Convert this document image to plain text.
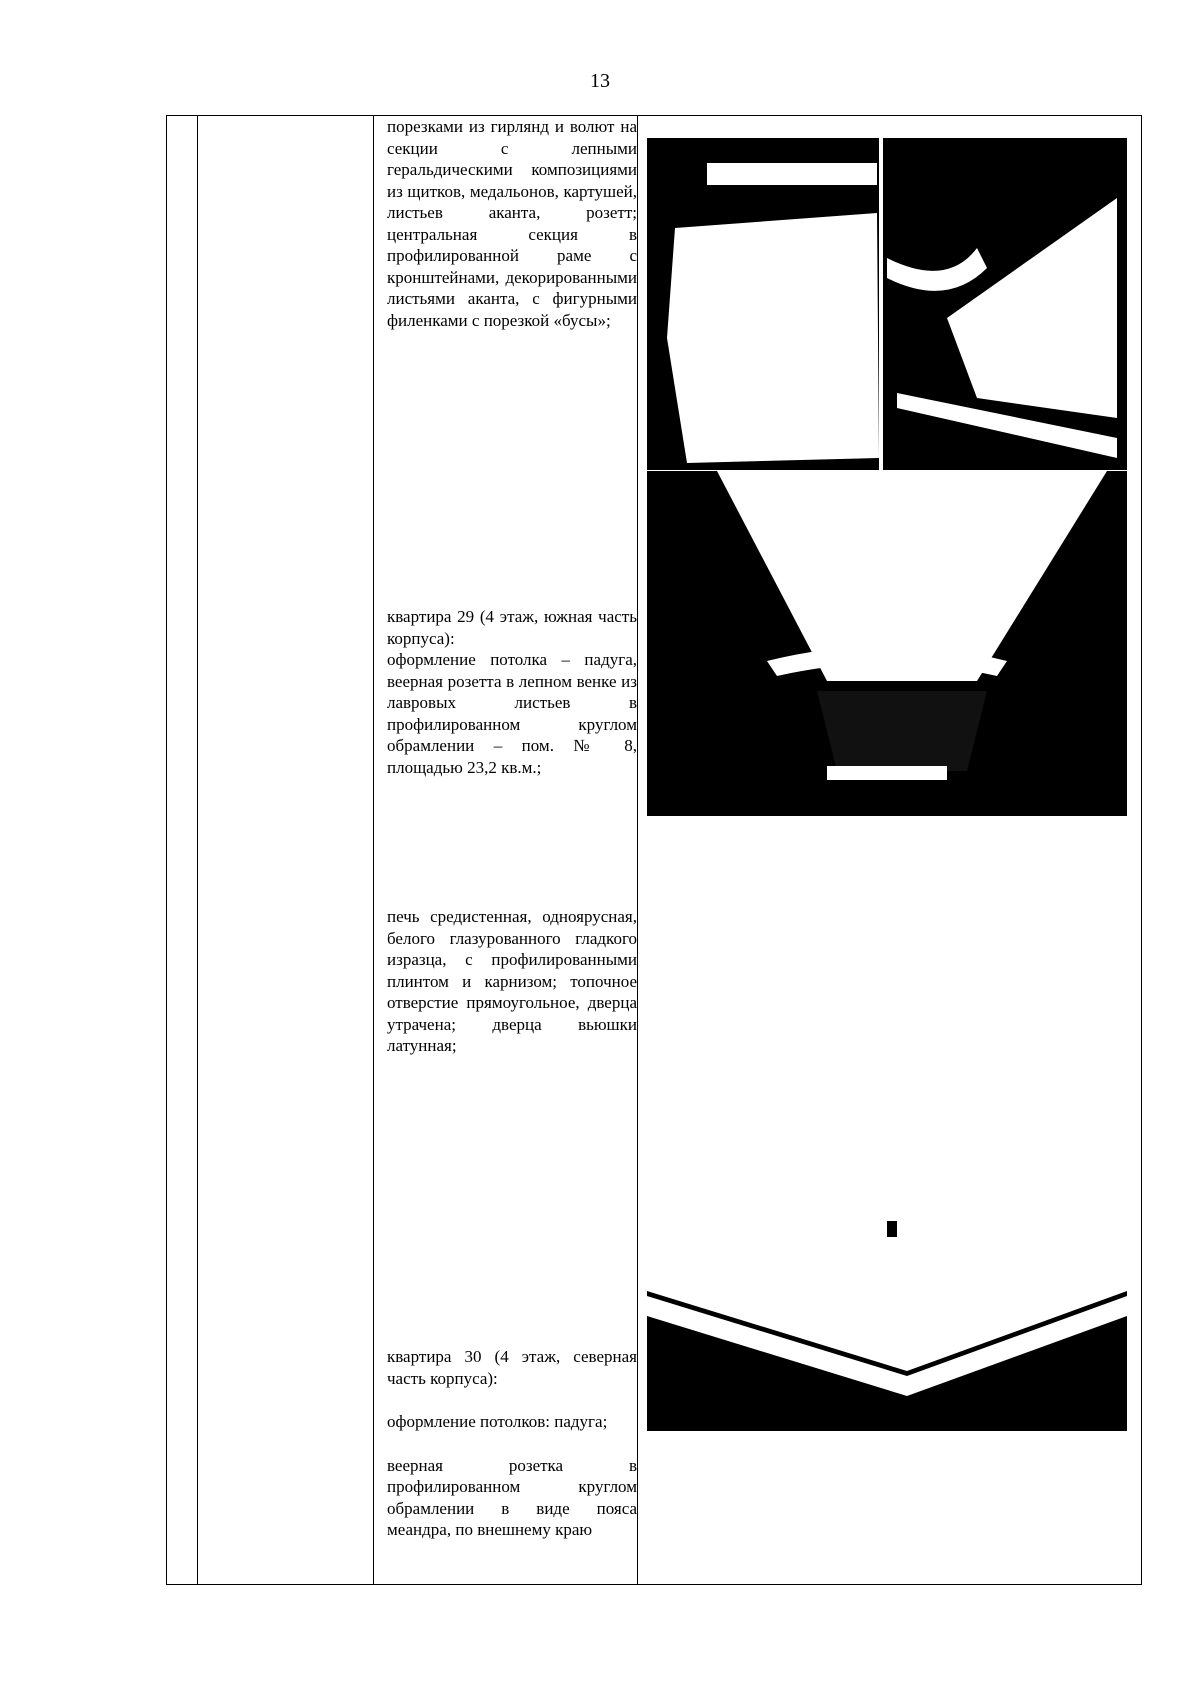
13

порезками из гирлянд и волют на секции с лепными геральдическими композициями из щитков, медальонов, картушей, листьев аканта, розетт; центральная секция в профилированной раме с кронштейнами, декорированными листьями аканта, с фигурными филенками с порезкой «бусы»;

квартира 29 (4 этаж, южная часть корпуса):

оформление потолка – падуга, веерная розетта в лепном венке из лавровых листьев в профилированном круглом обрамлении – пом. № 8, площадью 23,2 кв.м.;

печь средистенная, одноярусная, белого глазурованного гладкого изразца, с профилированными плинтом и карнизом; топочное отверстие прямоугольное, дверца утрачена; дверца вьюшки латунная;

квартира 30 (4 этаж, северная часть корпуса):

оформление потолков: падуга;

веерная розетка в профилированном круглом обрамлении в виде пояса меандра, по внешнему краю
